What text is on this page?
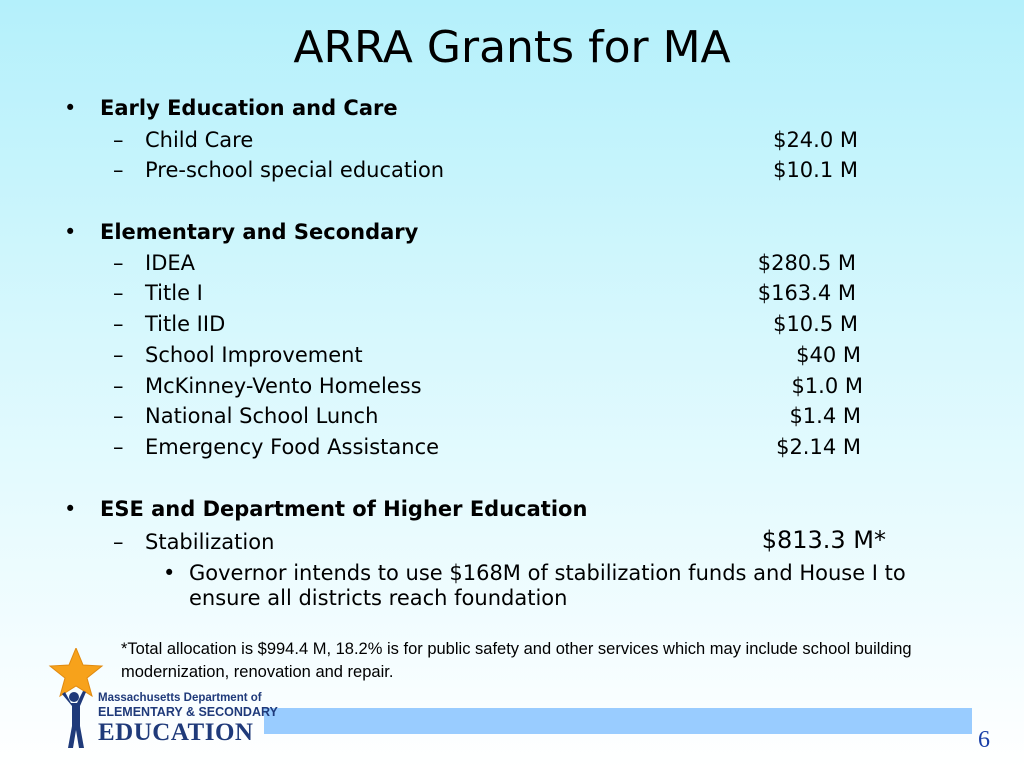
ARRA Grants for MA
• Early Education and Care
– Child Care	$24.0 M
– Pre-school special education	$10.1 M
• Elementary and Secondary
– IDEA	$280.5 M
– Title I	$163.4 M
– Title IID	$10.5 M
– School Improvement	$40 M
– McKinney-Vento Homeless	$1.0 M
– National School Lunch	$1.4 M
– Emergency Food Assistance	$2.14 M
• ESE and Department of Higher Education
– Stabilization	$813.3 M*
• Governor intends to use $168M of stabilization funds and House I to ensure all districts reach foundation
*Total allocation is $994.4 M, 18.2% is for public safety and other services which may include school building modernization, renovation and repair.
6
Massachusetts Department of
ELEMENTARY & SECONDARY
EDUCATION
